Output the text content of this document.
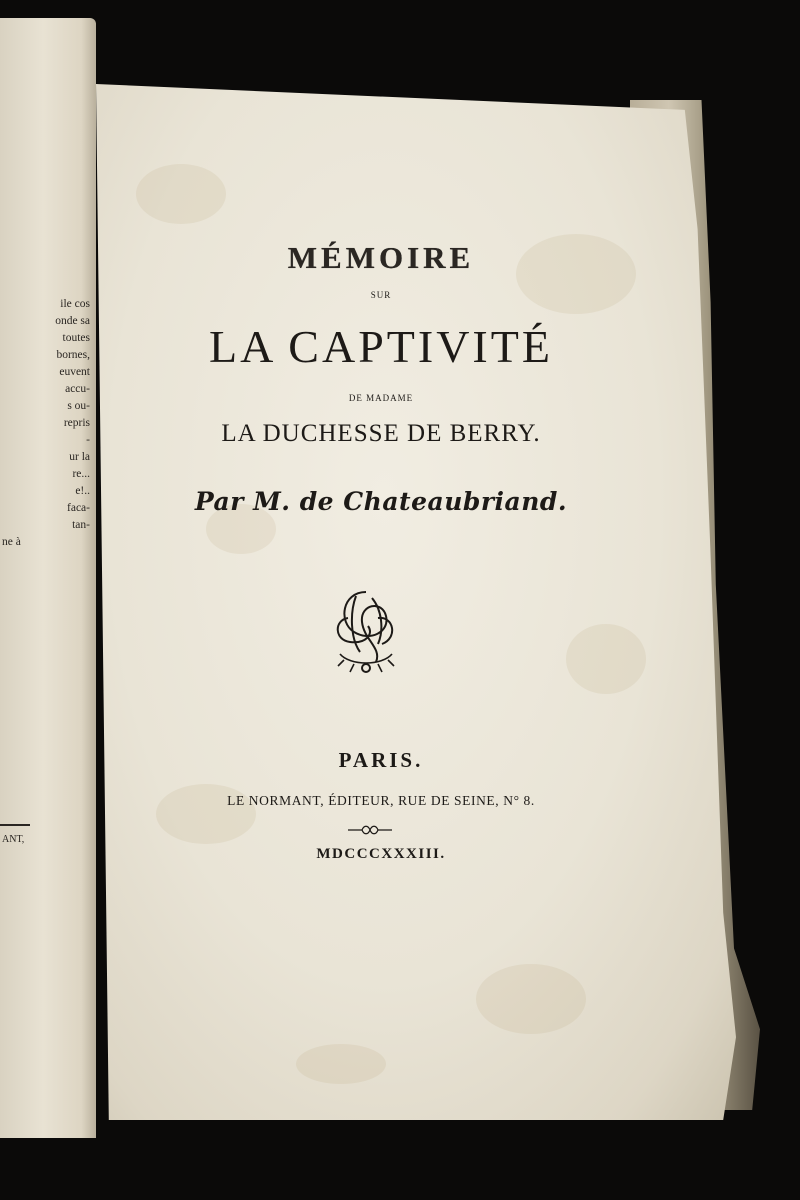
ile cos
onde sa
toutes
bornes,
euvent
accu-
s ou-
repris
-
ur la
re...
e!..
faca-
tan-
ne à
ANT,
MÉMOIRE
SUR
LA CAPTIVITÉ
DE MADAME
LA DUCHESSE DE BERRY.
Par M. de Chateaubriand.
PARIS.
LE NORMANT, ÉDITEUR, RUE DE SEINE, N° 8.
MDCCCXXXIII.
